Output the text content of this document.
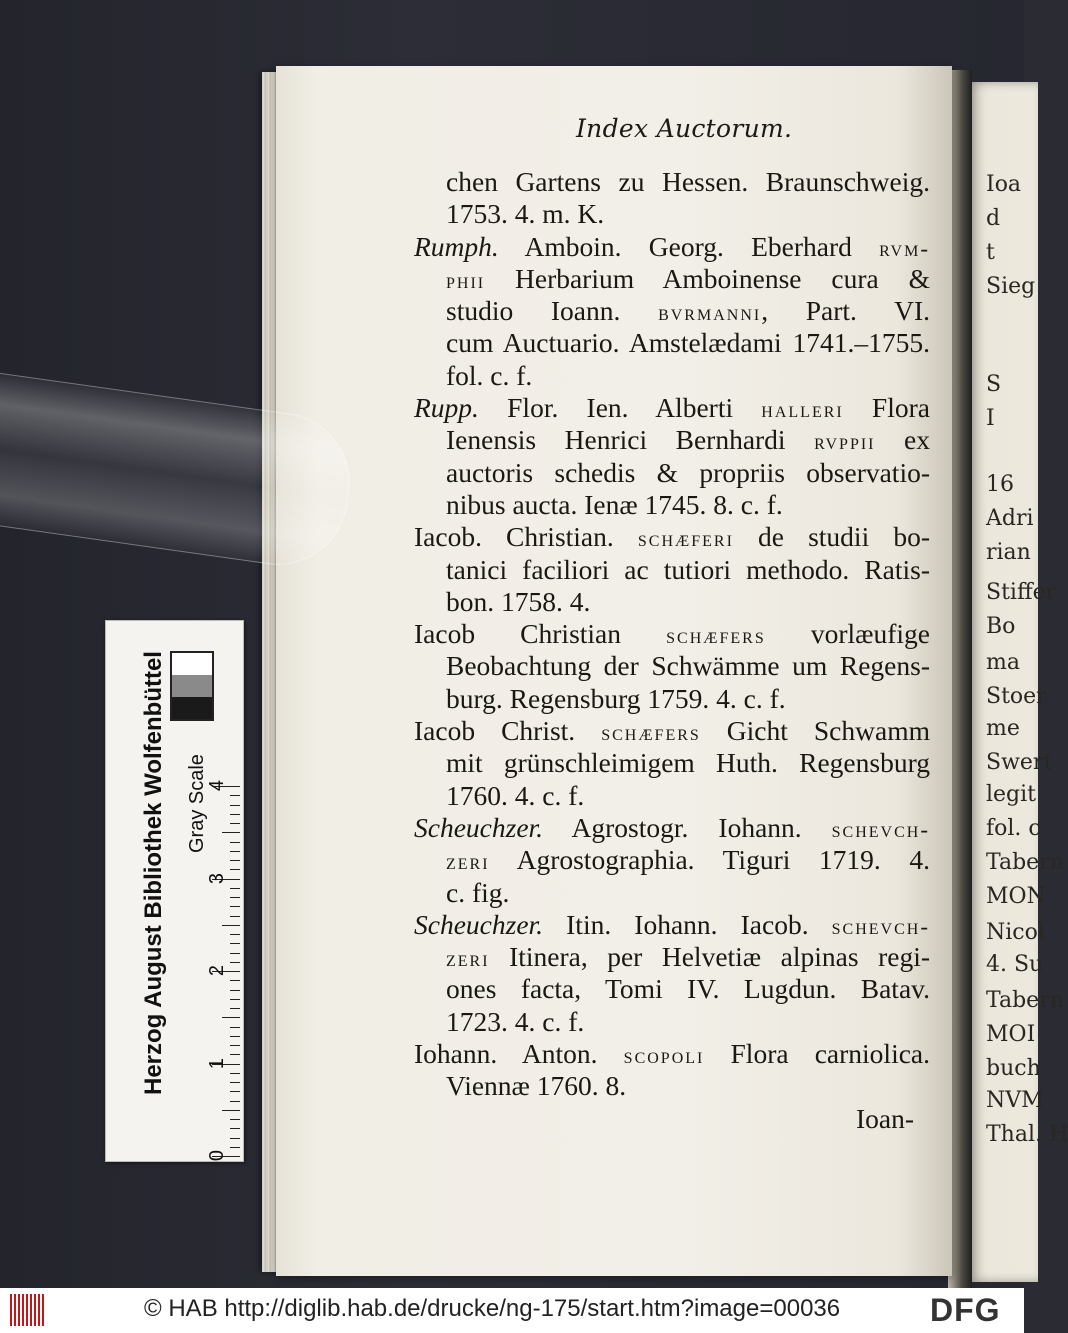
Ioa
d
t
Sieg
S
I
16
Adri
rian
Stiffer
Bo
ma
Stoer
me
Swert
legit
fol. c
Tabern
MON
Nicol
4. Su
Tabern
MOI
buch
NVM
Thal. H
Index Auctorum.
chen Gartens zu Hessen. Braunschweig.
1753. 4. m. K.
Rumph. Amboin. Georg. Eberhard rvm-
phii Herbarium Amboinense cura &
studio Ioann. bvrmanni, Part. VI.
cum Auctuario. Amstelædami 1741.–1755.
fol. c. f.
Rupp. Flor. Ien. Alberti halleri Flora
Ienensis Henrici Bernhardi rvppii ex
auctoris schedis & propriis observatio-
nibus aucta. Ienæ 1745. 8. c. f.
Iacob. Christian. schæferi de studii bo-
tanici faciliori ac tutiori methodo. Ratis-
bon. 1758. 4.
Iacob Christian schæfers vorlæufige
Beobachtung der Schwämme um Regens-
burg. Regensburg 1759. 4. c. f.
Iacob Christ. schæfers Gicht Schwamm
mit grünschleimigem Huth. Regensburg
1760. 4. c. f.
Scheuchzer. Agrostogr. Iohann. schevch-
zeri Agrostographia. Tiguri 1719. 4.
c. fig.
Scheuchzer. Itin. Iohann. Iacob. schevch-
zeri Itinera, per Helvetiæ alpinas regi-
ones facta, Tomi IV. Lugdun. Batav.
1723. 4. c. f.
Iohann. Anton. scopoli Flora carniolica.
Viennæ 1760. 8.
Ioan-
Herzog August Bibliothek Wolfenbüttel Gray Scale
0
1
2
3
4
© HAB http://diglib.hab.de/drucke/ng-175/start.htm?image=00036	DFG
